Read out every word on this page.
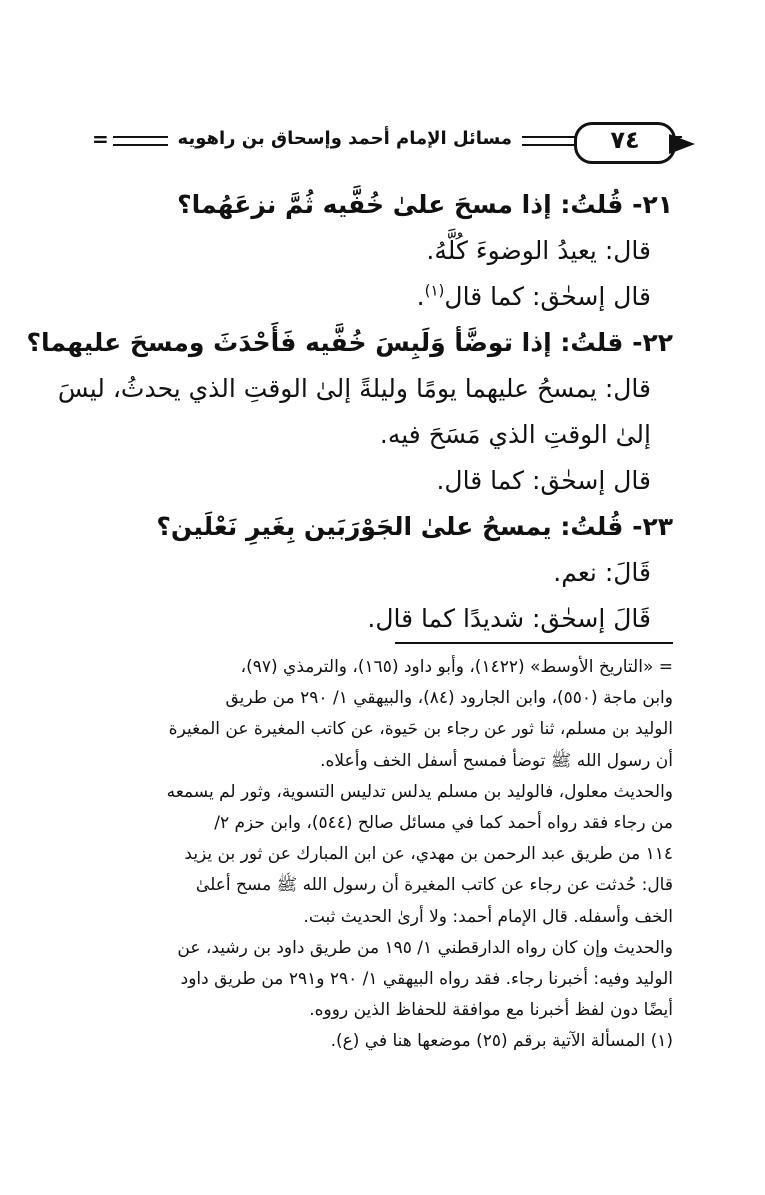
٧٤
مسائل الإمام أحمد وإسحاق بن راهويه
=
٢١- قُلتُ: إذا مسحَ علىٰ خُفَّيه ثُمَّ نزعَهُما؟
قال: يعيدُ الوضوءَ كُلَّهُ.
قال إسحٰق: كما قال$^{(١)}$.
٢٢- قلتُ: إذا توضَّأ وَلَبِسَ خُفَّيه فَأَحْدَثَ ومسحَ عليهما؟
قال: يمسحُ عليهما يومًا وليلةً إلىٰ الوقتِ الذي يحدثُ، ليسَ
إلىٰ الوقتِ الذي مَسَحَ فيه.
قال إسحٰق: كما قال.
٢٣- قُلتُ: يمسحُ علىٰ الجَوْرَبَين بِغَيرِ نَعْلَين؟
قَالَ: نعم.
قَالَ إسحٰق: شديدًا كما قال.
= «التاريخ الأوسط» (١٤٢٢)، وأبو داود (١٦٥)، والترمذي (٩٧)،
وابن ماجة (٥٥٠)، وابن الجارود (٨٤)، والبيهقي ١/ ٢٩٠ من طريق
الوليد بن مسلم، ثنا ثور عن رجاء بن حَيوة، عن كاتب المغيرة عن المغيرة
أن رسول الله ﷺ توضأ فمسح أسفل الخف وأعلاه.
والحديث معلول، فالوليد بن مسلم يدلس تدليس التسوية، وثور لم يسمعه
من رجاء فقد رواه أحمد كما في مسائل صالح (٥٤٤)، وابن حزم ٢/
١١٤ من طريق عبد الرحمن بن مهدي، عن ابن المبارك عن ثور بن يزيد
قال: حُدثت عن رجاء عن كاتب المغيرة أن رسول الله ﷺ مسح أعلىٰ
الخف وأسفله. قال الإمام أحمد: ولا أرىٰ الحديث ثبت.
والحديث وإن كان رواه الدارقطني ١/ ١٩٥ من طريق داود بن رشيد، عن
الوليد وفيه: أخبرنا رجاء. فقد رواه البيهقي ١/ ٢٩٠ و٢٩١ من طريق داود
أيضًا دون لفظ أخبرنا مع موافقة للحفاظ الذين رووه.
(١) المسألة الآتية برقم (٢٥) موضعها هنا في (ع).
